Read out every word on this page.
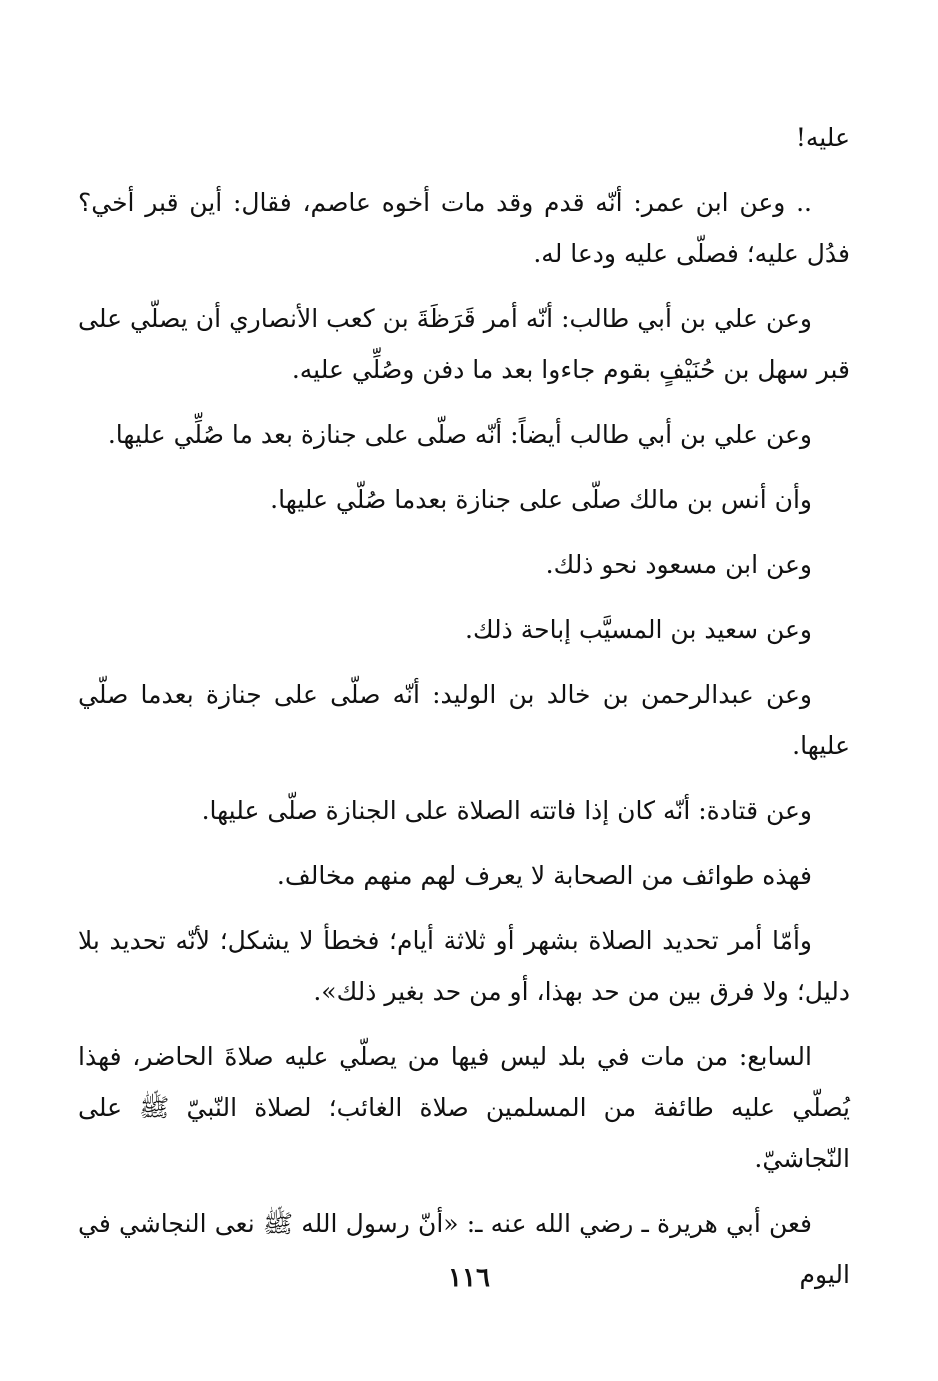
عليه!

.. وعن ابن عمر: أنّه قدم وقد مات أخوه عاصم، فقال: أين قبر أخي؟ فدُل عليه؛ فصلّى عليه ودعا له.

وعن علي بن أبي طالب: أنّه أمر قَرَظَةَ بن كعب الأنصاري أن يصلّي على قبر سهل بن حُنَيْفٍ بقوم جاءوا بعد ما دفن وصُلِّي عليه.

وعن علي بن أبي طالب أيضاً: أنّه صلّى على جنازة بعد ما صُلِّي عليها.

وأن أنس بن مالك صلّى على جنازة بعدما صُلّي عليها.

وعن ابن مسعود نحو ذلك.

وعن سعيد بن المسيَّب إباحة ذلك.

وعن عبدالرحمن بن خالد بن الوليد: أنّه صلّى على جنازة بعدما صلّي عليها.

وعن قتادة: أنّه كان إذا فاتته الصلاة على الجنازة صلّى عليها.

فهذه طوائف من الصحابة لا يعرف لهم منهم مخالف.

وأمّا أمر تحديد الصلاة بشهر أو ثلاثة أيام؛ فخطأ لا يشكل؛ لأنّه تحديد بلا دليل؛ ولا فرق بين من حد بهذا، أو من حد بغير ذلك».

السابع: من مات في بلد ليس فيها من يصلّي عليه صلاةَ الحاضر، فهذا يُصلّي عليه طائفة من المسلمين صلاة الغائب؛ لصلاة النّبيّ ﷺ على النّجاشيّ.

فعن أبي هريرة ـ رضي الله عنه ـ: «أنّ رسول الله ﷺ نعى النجاشي في اليوم

١١٦
